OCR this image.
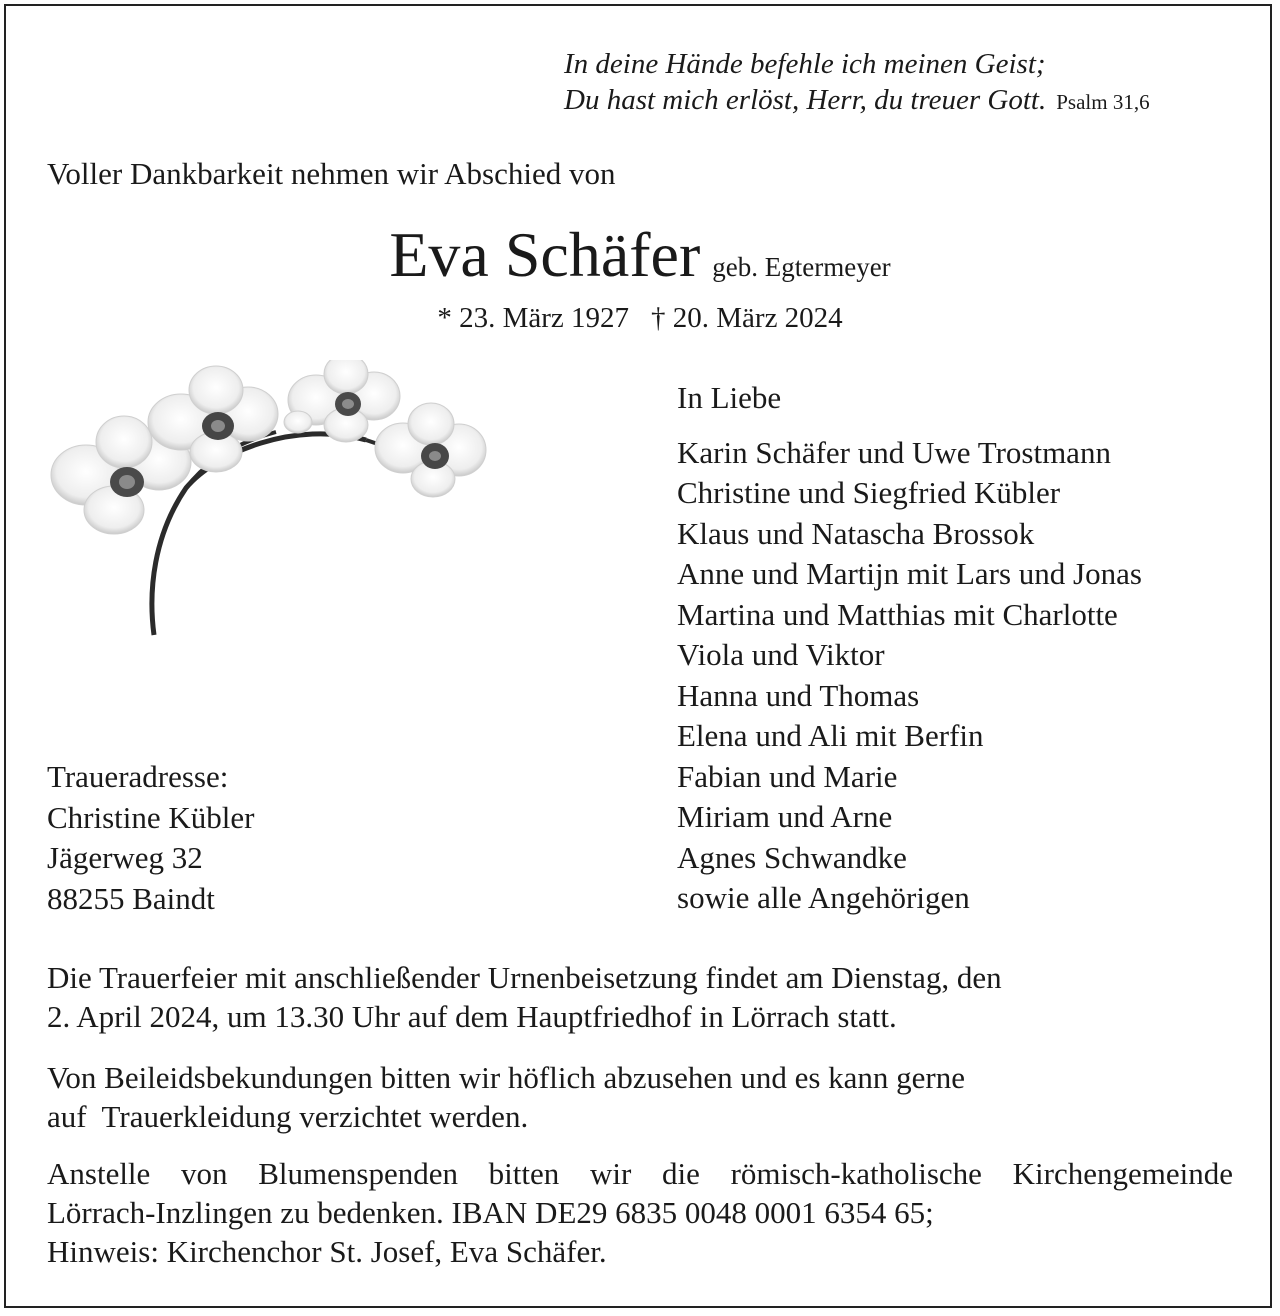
In deine Hände befehle ich meinen Geist;
Du hast mich erlöst, Herr, du treuer Gott. Psalm 31,6
Voller Dankbarkeit nehmen wir Abschied von
Eva Schäfer geb. Egtermeyer
* 23. März 1927 † 20. März 2024
In Liebe
Karin Schäfer und Uwe Trostmann
Christine und Siegfried Kübler
Klaus und Natascha Brossok
Anne und Martijn mit Lars und Jonas
Martina und Matthias mit Charlotte
Viola und Viktor
Hanna und Thomas
Elena und Ali mit Berfin
Fabian und Marie
Miriam und Arne
Agnes Schwandke
sowie alle Angehörigen
Traueradresse:
Christine Kübler
Jägerweg 32
88255 Baindt
Die Trauerfeier mit anschließender Urnenbeisetzung findet am Dienstag, den
2. April 2024, um 13.30 Uhr auf dem Hauptfriedhof in Lörrach statt.
Von Beileidsbekundungen bitten wir höflich abzusehen und es kann gerne
auf  Trauerkleidung verzichtet werden.
Anstelle von Blumenspenden bitten wir die römisch-katholische Kirchengemeinde
Lörrach-Inzlingen zu bedenken. IBAN DE29 6835 0048 0001 6354 65;
Hinweis: Kirchenchor St. Josef, Eva Schäfer.
